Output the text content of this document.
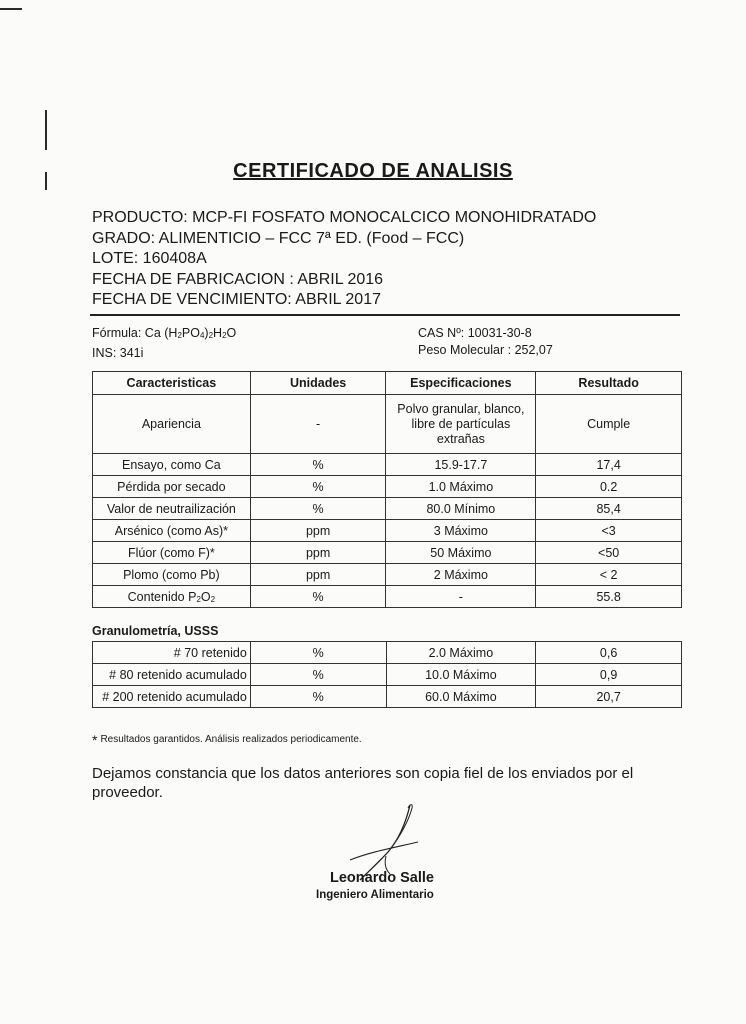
CERTIFICADO DE ANALISIS
PRODUCTO: MCP-FI FOSFATO MONOCALCICO MONOHIDRATADO
GRADO: ALIMENTICIO – FCC 7ª ED. (Food – FCC)
LOTE: 160408A
FECHA DE FABRICACION : ABRIL 2016
FECHA DE VENCIMIENTO: ABRIL 2017
Fórmula: Ca $(H_2PO_4)_2H_2O$
INS: 341i
CAS Nº: 10031-30-8
Peso Molecular : 252,07
Caracteristicas	Unidades	Especificaciones	Resultado
Apariencia	-	Polvo granular, blanco, libre de partículas extrañas	Cumple
Ensayo, como Ca	%	15.9-17.7	17,4
Pérdida por secado	%	1.0 Máximo	0.2
Valor de neutrailización	%	80.0 Mínimo	85,4
Arsénico (como As)*	ppm	3 Máximo	<3
Flúor (como F)*	ppm	50 Máximo	<50
Plomo (como Pb)	ppm	2 Máximo	< 2
Contenido $P_2O_2$	%	-	55.8
Granulometría, USSS
# 70 retenido	%	2.0 Máximo	0,6
# 80 retenido acumulado	%	10.0 Máximo	0,9
# 200 retenido acumulado	%	60.0 Máximo	20,7
* Resultados garantidos. Análisis realizados periodicamente.
Dejamos constancia que los datos anteriores son copia fiel de los enviados por el proveedor.
Leonardo Salle
Ingeniero Alimentario
